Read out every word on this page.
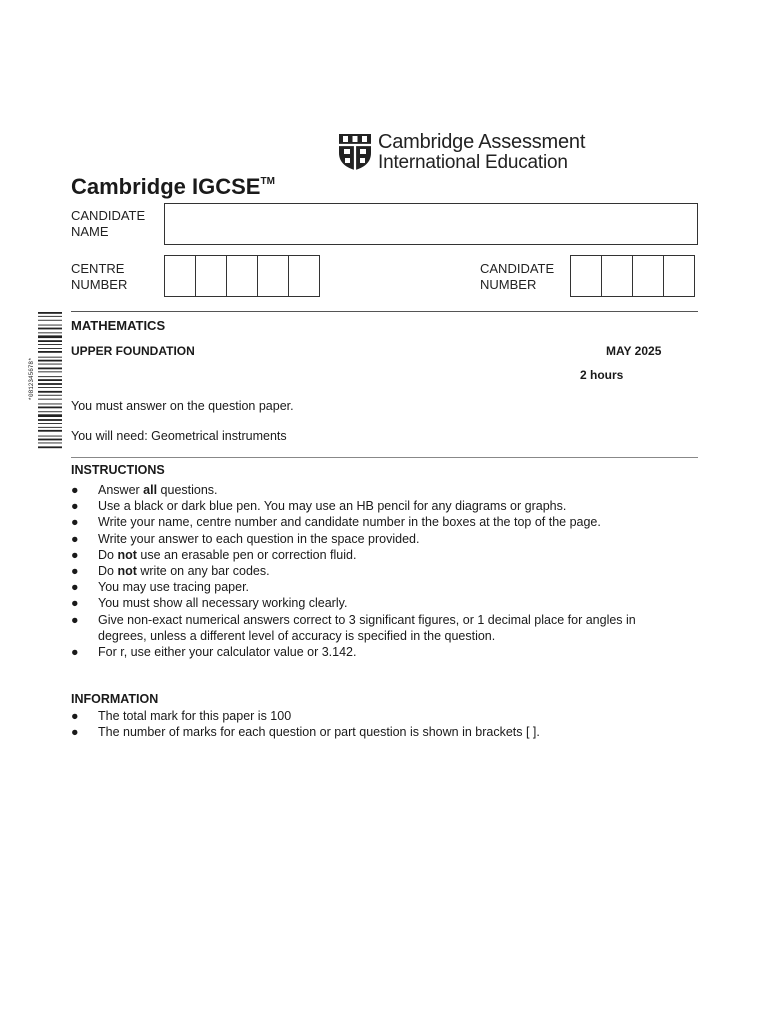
Cambridge Assessment
International Education
Cambridge IGCSE™
CANDIDATE
NAME
CENTRE
NUMBER
CANDIDATE
NUMBER
*0812345678*
MATHEMATICS
UPPER FOUNDATION	MAY 2025
2 hours
You must answer on the question paper.
You will need: Geometrical instruments
INSTRUCTIONS
● Answer all questions.
● Use a black or dark blue pen. You may use an HB pencil for any diagrams or graphs.
● Write your name, centre number and candidate number in the boxes at the top of the page.
● Write your answer to each question in the space provided.
● Do not use an erasable pen or correction fluid.
● Do not write on any bar codes.
● You may use tracing paper.
● You must show all necessary working clearly.
● Give non-exact numerical answers correct to 3 significant figures, or 1 decimal place for angles in
degrees, unless a different level of accuracy is specified in the question.
● For r, use either your calculator value or 3.142.
INFORMATION
● The total mark for this paper is 100
● The number of marks for each question or part question is shown in brackets [ ].
